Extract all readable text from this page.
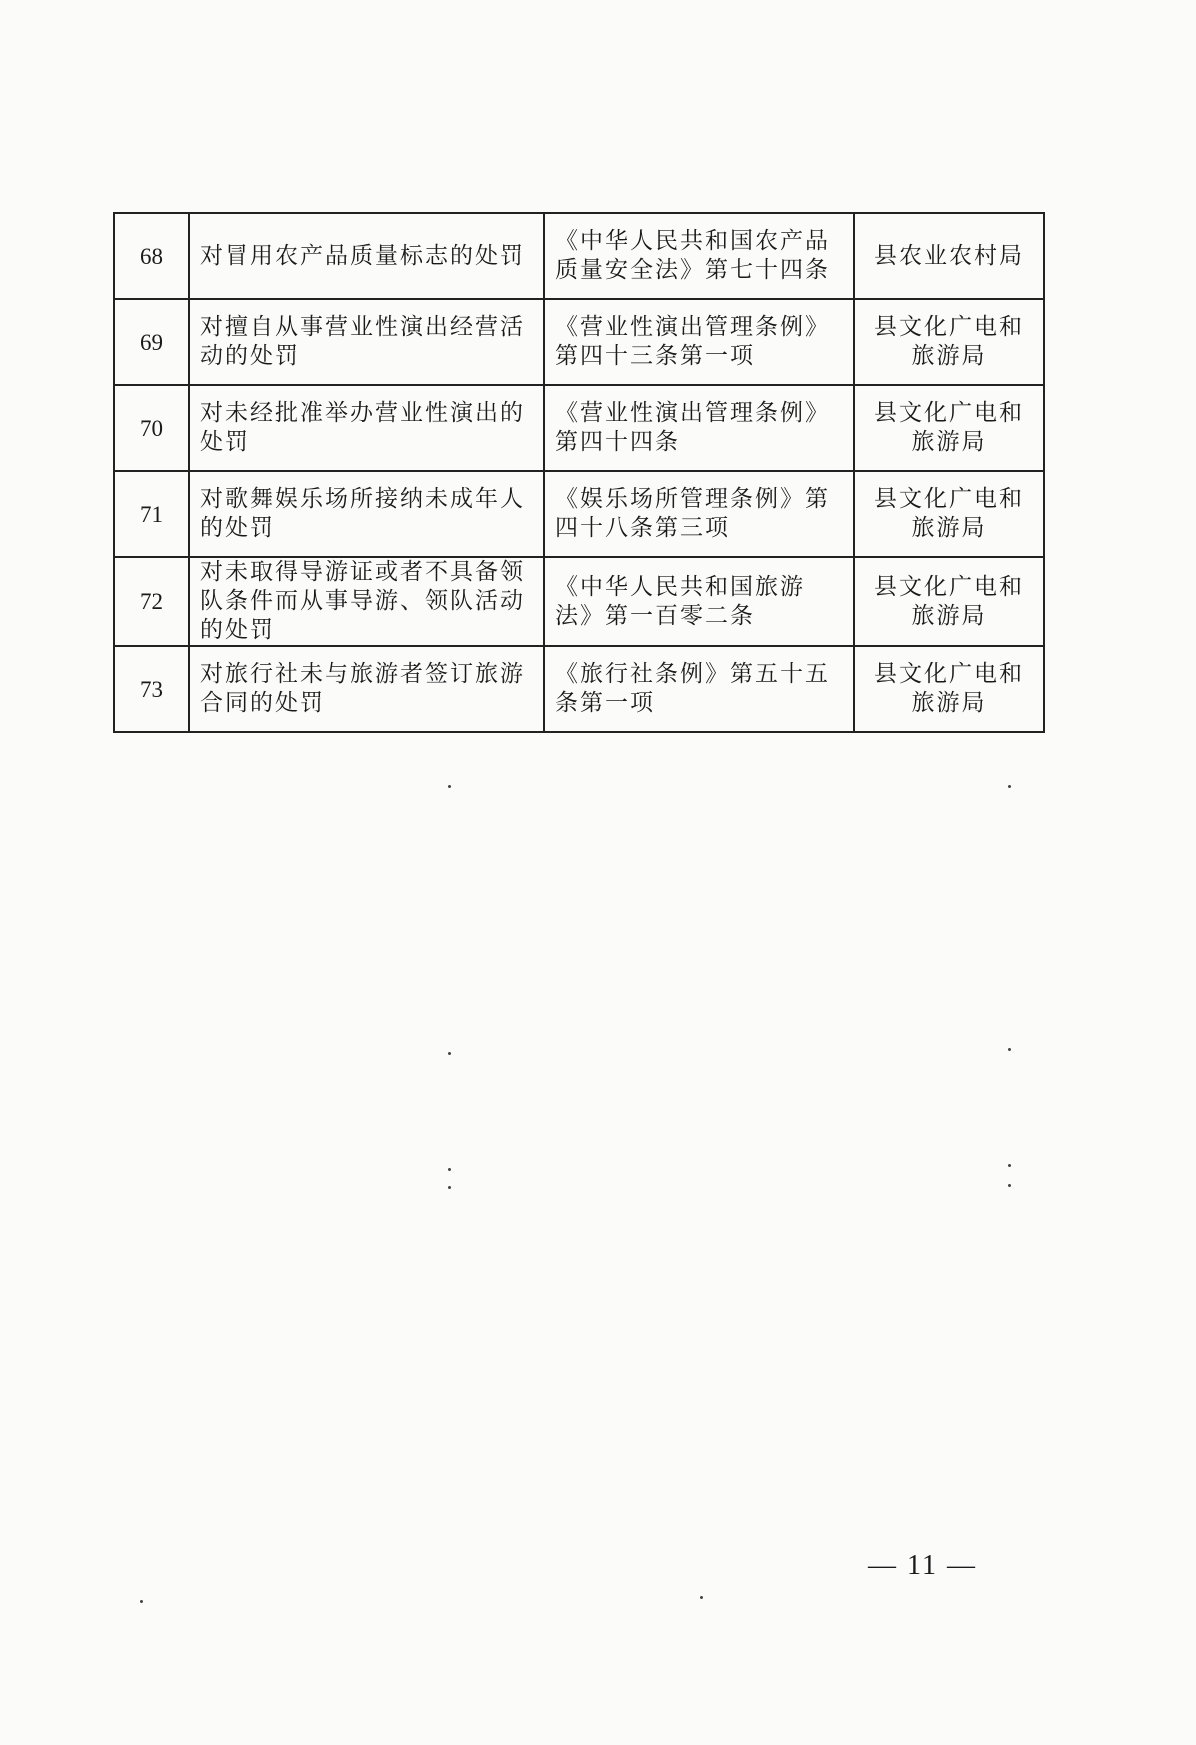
68	对冒用农产品质量标志的处罚	《中华人民共和国农产品质量安全法》第七十四条	县农业农村局
69	对擅自从事营业性演出经营活动的处罚	《营业性演出管理条例》第四十三条第一项	县文化广电和旅游局
70	对未经批准举办营业性演出的处罚	《营业性演出管理条例》第四十四条	县文化广电和旅游局
71	对歌舞娱乐场所接纳未成年人的处罚	《娱乐场所管理条例》第四十八条第三项	县文化广电和旅游局
72	对未取得导游证或者不具备领队条件而从事导游、领队活动的处罚	《中华人民共和国旅游法》第一百零二条	县文化广电和旅游局
73	对旅行社未与旅游者签订旅游合同的处罚	《旅行社条例》第五十五条第一项	县文化广电和旅游局
— 11 —
